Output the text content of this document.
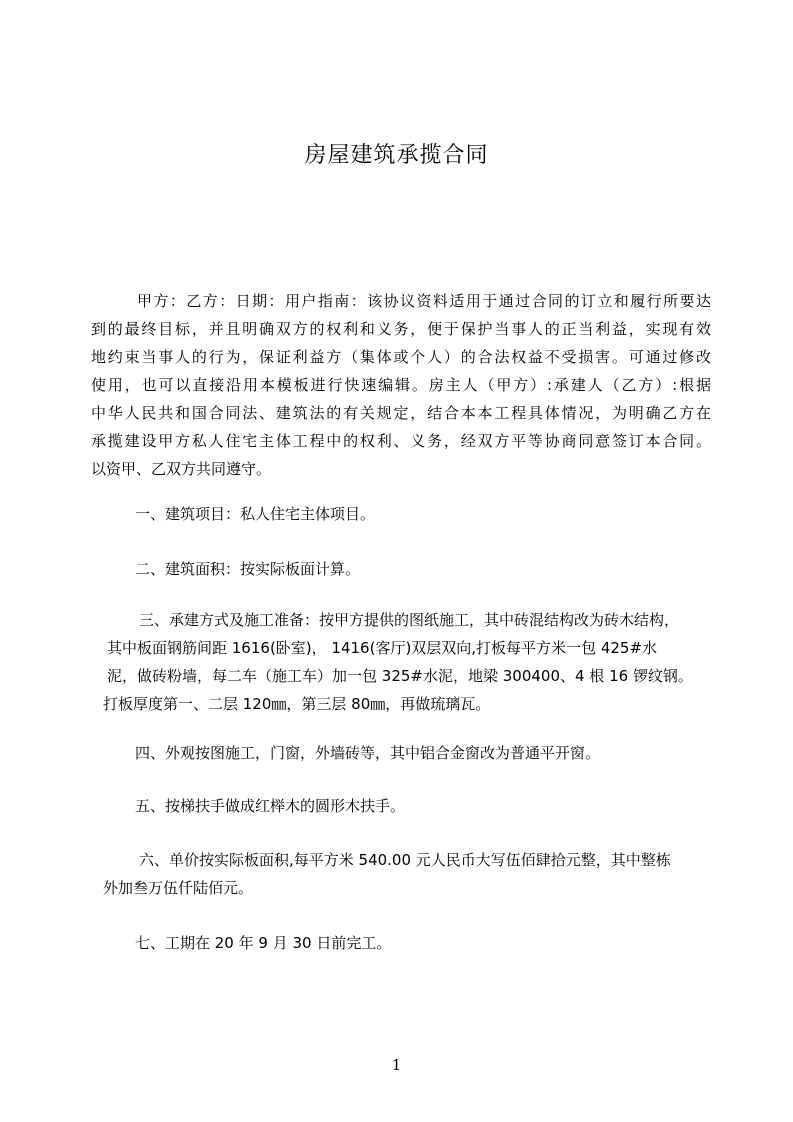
房屋建筑承揽合同
甲方：乙方：日期：用户指南：该协议资料适用于通过合同的订立和履行所要达
到的最终目标，并且明确双方的权利和义务，便于保护当事人的正当利益，实现有效
地约束当事人的行为，保证利益方（集体或个人）的合法权益不受损害。可通过修改
使用，也可以直接沿用本模板进行快速编辑。房主人（甲方）:承建人（乙方）:根据
中华人民共和国合同法、建筑法的有关规定，结合本本工程具体情况，为明确乙方在
承揽建设甲方私人住宅主体工程中的权利、义务，经双方平等协商同意签订本合同。
以资甲、乙双方共同遵守。
一、建筑项目：私人住宅主体项目。
二、建筑面积：按实际板面计算。
三、承建方式及施工准备：按甲方提供的图纸施工，其中砖混结构改为砖木结构，
其中板面钢筋间距 1616(卧室)， 1416(客厅)双层双向,打板每平方米一包 425#水
泥，做砖粉墙，每二车（施工车）加一包 325#水泥，地梁 300400、4 根 16 锣纹钢。
打板厚度第一、二层 120㎜，第三层 80㎜，再做琉璃瓦。
四、外观按图施工，门窗，外墙砖等，其中铝合金窗改为普通平开窗。
五、按梯扶手做成红榉木的圆形木扶手。
六、单价按实际板面积,每平方米 540.00 元人民币大写伍佰肆拾元整，其中整栋
外加叁万伍仟陆佰元。
七、工期在 20 年 9 月 30 日前完工。
1
